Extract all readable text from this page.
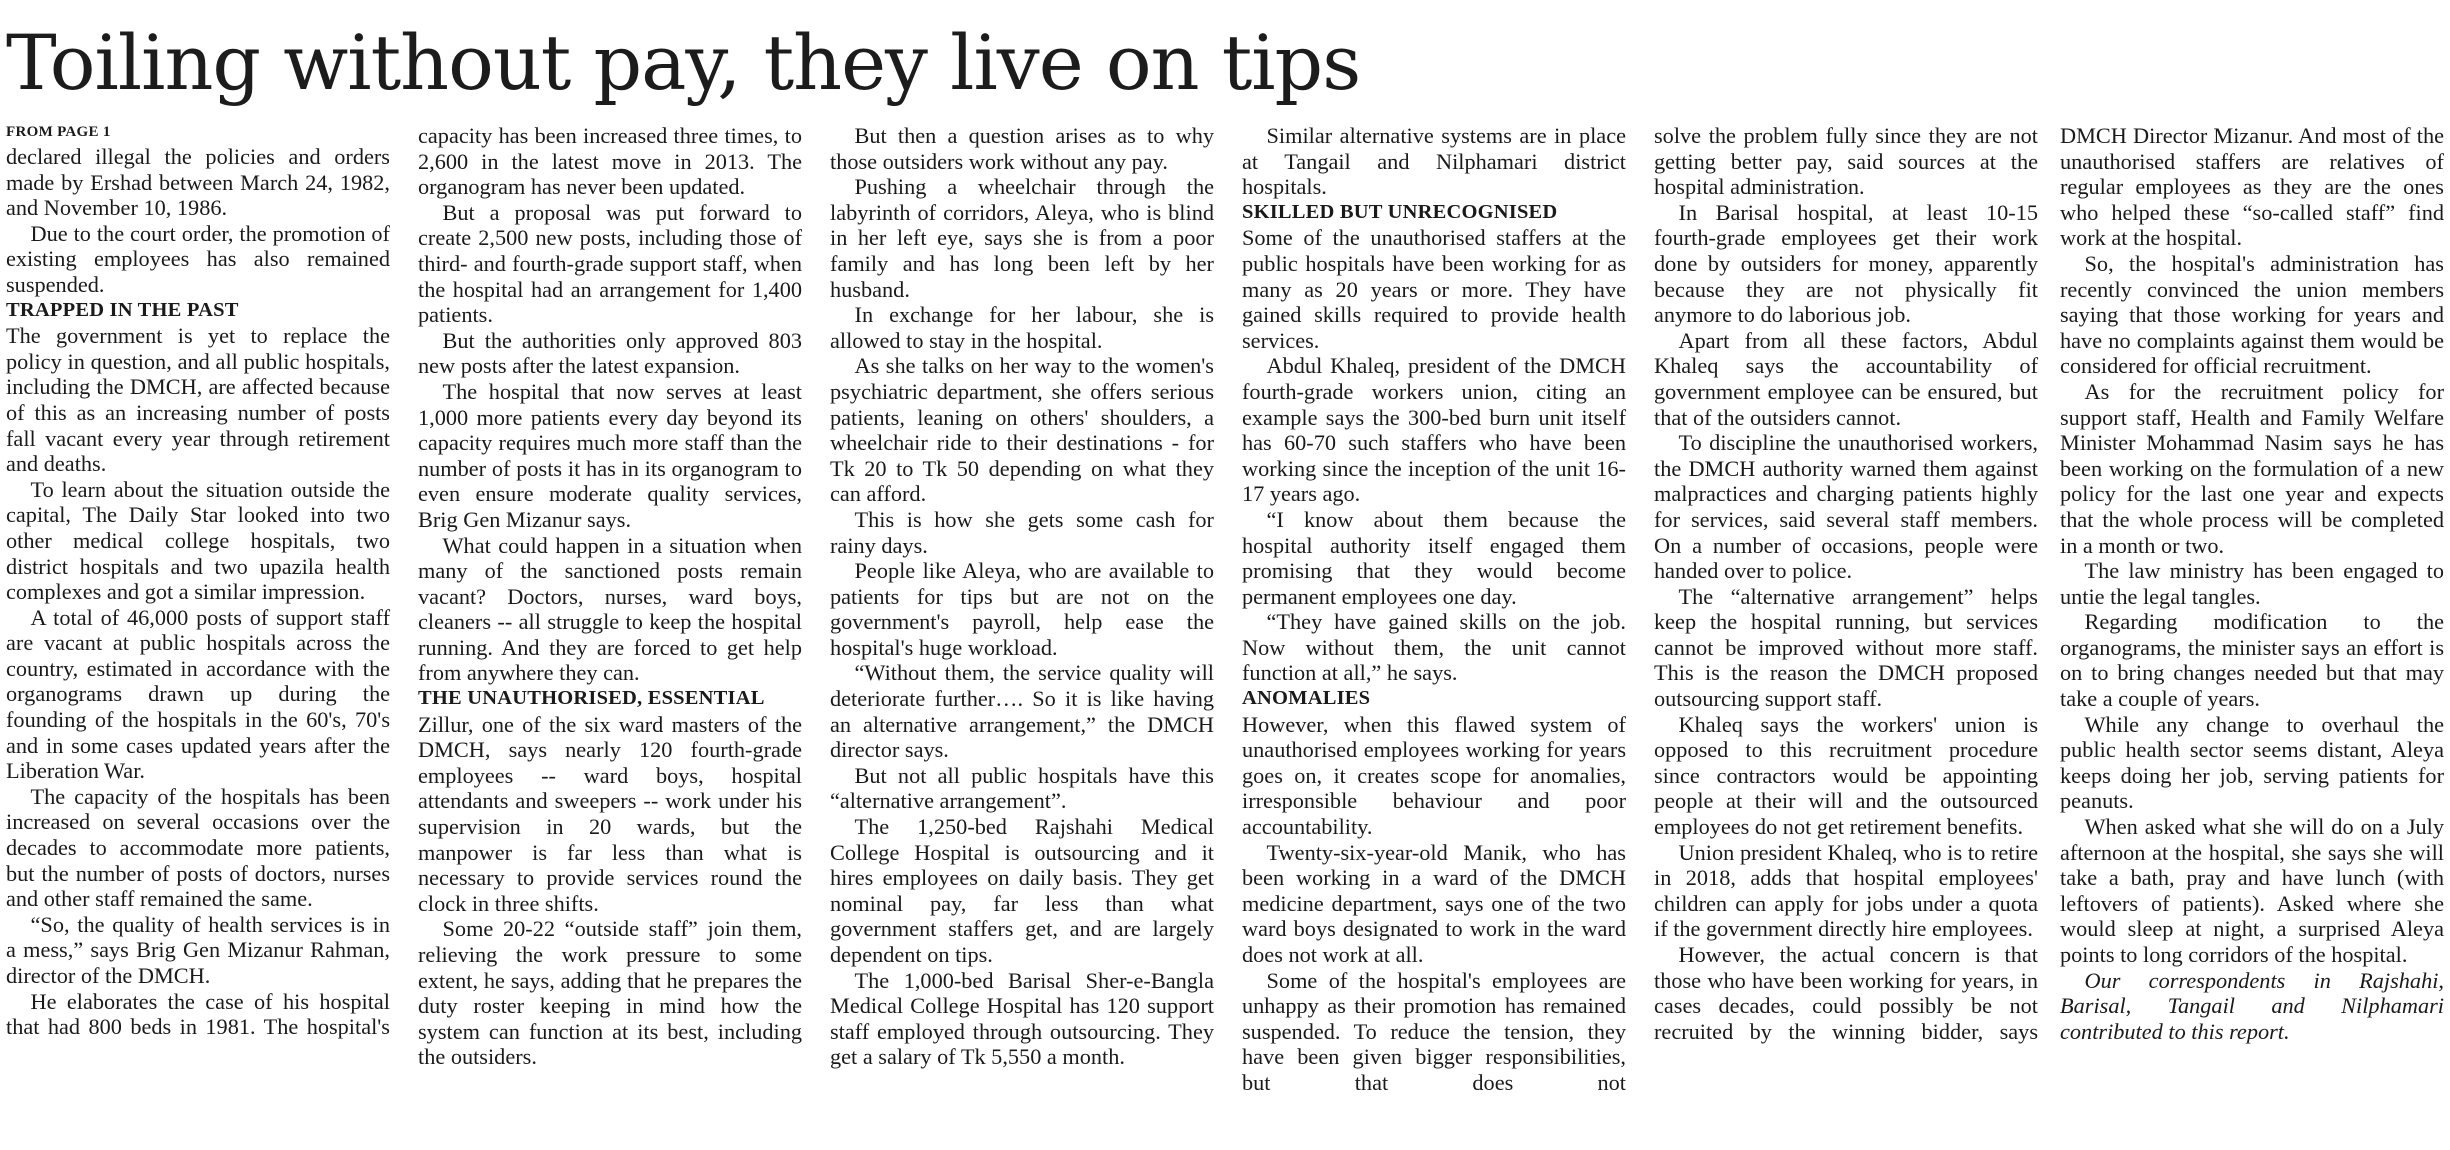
Toiling without pay, they live on tips
FROM PAGE 1

declared illegal the policies and orders made by Ershad between March 24, 1982, and November 10, 1986.

Due to the court order, the promotion of existing employees has also remained suspended.

TRAPPED IN THE PAST

The government is yet to replace the policy in question, and all public hospitals, including the DMCH, are affected because of this as an increasing number of posts fall vacant every year through retirement and deaths.

To learn about the situation outside the capital, The Daily Star looked into two other medical college hospitals, two district hospitals and two upazila health complexes and got a similar impression.

A total of 46,000 posts of support staff are vacant at public hospitals across the country, estimated in accordance with the organograms drawn up during the founding of the hospitals in the 60's, 70's and in some cases updated years after the Liberation War.

The capacity of the hospitals has been increased on several occasions over the decades to accommodate more patients, but the number of posts of doctors, nurses and other staff remained the same.

“So, the quality of health services is in a mess,” says Brig Gen Mizanur Rahman, director of the DMCH.

He elaborates the case of his hospital that had 800 beds in 1981. The hospital's

capacity has been increased three times, to 2,600 in the latest move in 2013. The organogram has never been updated.

But a proposal was put forward to create 2,500 new posts, including those of third- and fourth-grade support staff, when the hospital had an arrangement for 1,400 patients.

But the authorities only approved 803 new posts after the latest expansion.

The hospital that now serves at least 1,000 more patients every day beyond its capacity requires much more staff than the number of posts it has in its organogram to even ensure moderate quality services, Brig Gen Mizanur says.

What could happen in a situation when many of the sanctioned posts remain vacant? Doctors, nurses, ward boys, cleaners -- all struggle to keep the hospital running. And they are forced to get help from anywhere they can.

THE UNAUTHORISED, ESSENTIAL

Zillur, one of the six ward masters of the DMCH, says nearly 120 fourth-grade employees -- ward boys, hospital attendants and sweepers -- work under his supervision in 20 wards, but the manpower is far less than what is necessary to provide services round the clock in three shifts.

Some 20-22 “outside staff” join them, relieving the work pressure to some extent, he says, adding that he prepares the duty roster keeping in mind how the system can function at its best, including the outsiders.

But then a question arises as to why those outsiders work without any pay.

Pushing a wheelchair through the labyrinth of corridors, Aleya, who is blind in her left eye, says she is from a poor family and has long been left by her husband.

In exchange for her labour, she is allowed to stay in the hospital.

As she talks on her way to the women's psychiatric department, she offers serious patients, leaning on others' shoulders, a wheelchair ride to their destinations - for Tk 20 to Tk 50 depending on what they can afford.

This is how she gets some cash for rainy days.

People like Aleya, who are available to patients for tips but are not on the government's payroll, help ease the hospital's huge workload.

“Without them, the service quality will deteriorate further…. So it is like having an alternative arrangement,” the DMCH director says.

But not all public hospitals have this “alternative arrangement”.

The 1,250-bed Rajshahi Medical College Hospital is outsourcing and it hires employees on daily basis. They get nominal pay, far less than what government staffers get, and are largely dependent on tips.

The 1,000-bed Barisal Sher-e-Bangla Medical College Hospital has 120 support staff employed through outsourcing. They get a salary of Tk 5,550 a month.

Similar alternative systems are in place at Tangail and Nilphamari district hospitals.

SKILLED BUT UNRECOGNISED

Some of the unauthorised staffers at the public hospitals have been working for as many as 20 years or more. They have gained skills required to provide health services.

Abdul Khaleq, president of the DMCH fourth-grade workers union, citing an example says the 300-bed burn unit itself has 60-70 such staffers who have been working since the inception of the unit 16-17 years ago.

“I know about them because the hospital authority itself engaged them promising that they would become permanent employees one day.

“They have gained skills on the job. Now without them, the unit cannot function at all,” he says.

ANOMALIES

However, when this flawed system of unauthorised employees working for years goes on, it creates scope for anomalies, irresponsible behaviour and poor accountability.

Twenty-six-year-old Manik, who has been working in a ward of the DMCH medicine department, says one of the two ward boys designated to work in the ward does not work at all.

Some of the hospital's employees are unhappy as their promotion has remained suspended. To reduce the tension, they have been given bigger responsibilities, but that does not

solve the problem fully since they are not getting better pay, said sources at the hospital administration.

In Barisal hospital, at least 10-15 fourth-grade employees get their work done by outsiders for money, apparently because they are not physically fit anymore to do laborious job.

Apart from all these factors, Abdul Khaleq says the accountability of government employee can be ensured, but that of the outsiders cannot.

To discipline the unauthorised workers, the DMCH authority warned them against malpractices and charging patients highly for services, said several staff members. On a number of occasions, people were handed over to police.

The “alternative arrangement” helps keep the hospital running, but services cannot be improved without more staff. This is the reason the DMCH proposed outsourcing support staff.

Khaleq says the workers' union is opposed to this recruitment procedure since contractors would be appointing people at their will and the outsourced employees do not get retirement benefits.

Union president Khaleq, who is to retire in 2018, adds that hospital employees' children can apply for jobs under a quota if the government directly hire employees.

However, the actual concern is that those who have been working for years, in cases decades, could possibly be not recruited by the winning bidder, says

DMCH Director Mizanur. And most of the unauthorised staffers are relatives of regular employees as they are the ones who helped these “so-called staff” find work at the hospital.

So, the hospital's administration has recently convinced the union members saying that those working for years and have no complaints against them would be considered for official recruitment.

As for the recruitment policy for support staff, Health and Family Welfare Minister Mohammad Nasim says he has been working on the formulation of a new policy for the last one year and expects that the whole process will be completed in a month or two.

The law ministry has been engaged to untie the legal tangles.

Regarding modification to the organograms, the minister says an effort is on to bring changes needed but that may take a couple of years.

While any change to overhaul the public health sector seems distant, Aleya keeps doing her job, serving patients for peanuts.

When asked what she will do on a July afternoon at the hospital, she says she will take a bath, pray and have lunch (with leftovers of patients). Asked where she would sleep at night, a surprised Aleya points to long corridors of the hospital.

Our correspondents in Rajshahi, Barisal, Tangail and Nilphamari contributed to this report.
